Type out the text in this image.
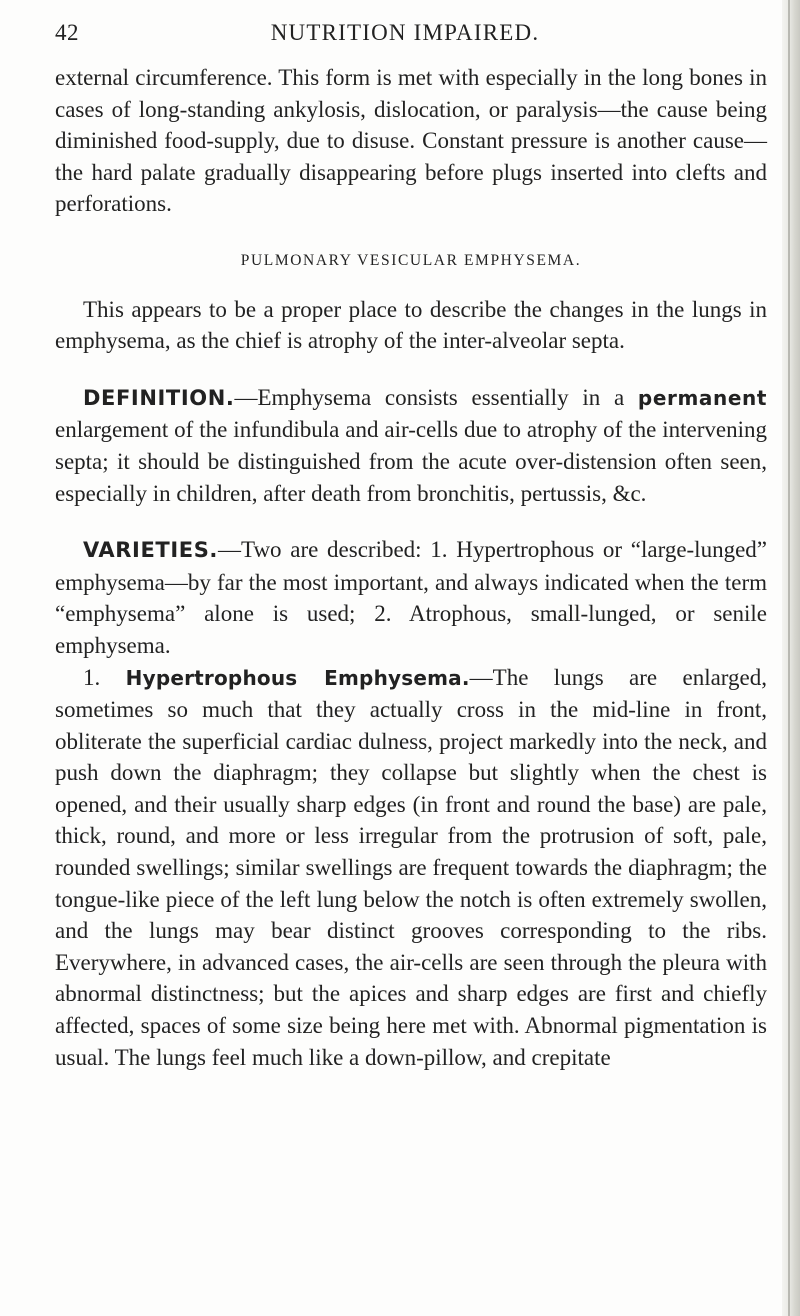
42	NUTRITION IMPAIRED.

external circumference. This form is met with especially in the long bones in cases of long-standing ankylosis, dislocation, or paralysis—the cause being diminished food-supply, due to disuse. Constant pressure is another cause—the hard palate gradually disappearing before plugs inserted into clefts and perforations.

PULMONARY VESICULAR EMPHYSEMA.

This appears to be a proper place to describe the changes in the lungs in emphysema, as the chief is atrophy of the inter-alveolar septa.

DEFINITION.—Emphysema consists essentially in a permanent enlargement of the infundibula and air-cells due to atrophy of the intervening septa; it should be distinguished from the acute over-distension often seen, especially in children, after death from bronchitis, pertussis, &c.

VARIETIES.—Two are described: 1. Hypertrophous or “large-lunged” emphysema—by far the most important, and always indicated when the term “emphysema” alone is used; 2. Atrophous, small-lunged, or senile emphysema.

1. Hypertrophous Emphysema.—The lungs are enlarged, sometimes so much that they actually cross in the mid-line in front, obliterate the superficial cardiac dulness, project markedly into the neck, and push down the diaphragm; they collapse but slightly when the chest is opened, and their usually sharp edges (in front and round the base) are pale, thick, round, and more or less irregular from the protrusion of soft, pale, rounded swellings; similar swellings are frequent towards the diaphragm; the tongue-like piece of the left lung below the notch is often extremely swollen, and the lungs may bear distinct grooves corresponding to the ribs. Everywhere, in advanced cases, the air-cells are seen through the pleura with abnormal distinctness; but the apices and sharp edges are first and chiefly affected, spaces of some size being here met with. Abnormal pigmentation is usual. The lungs feel much like a down-pillow, and crepitate
